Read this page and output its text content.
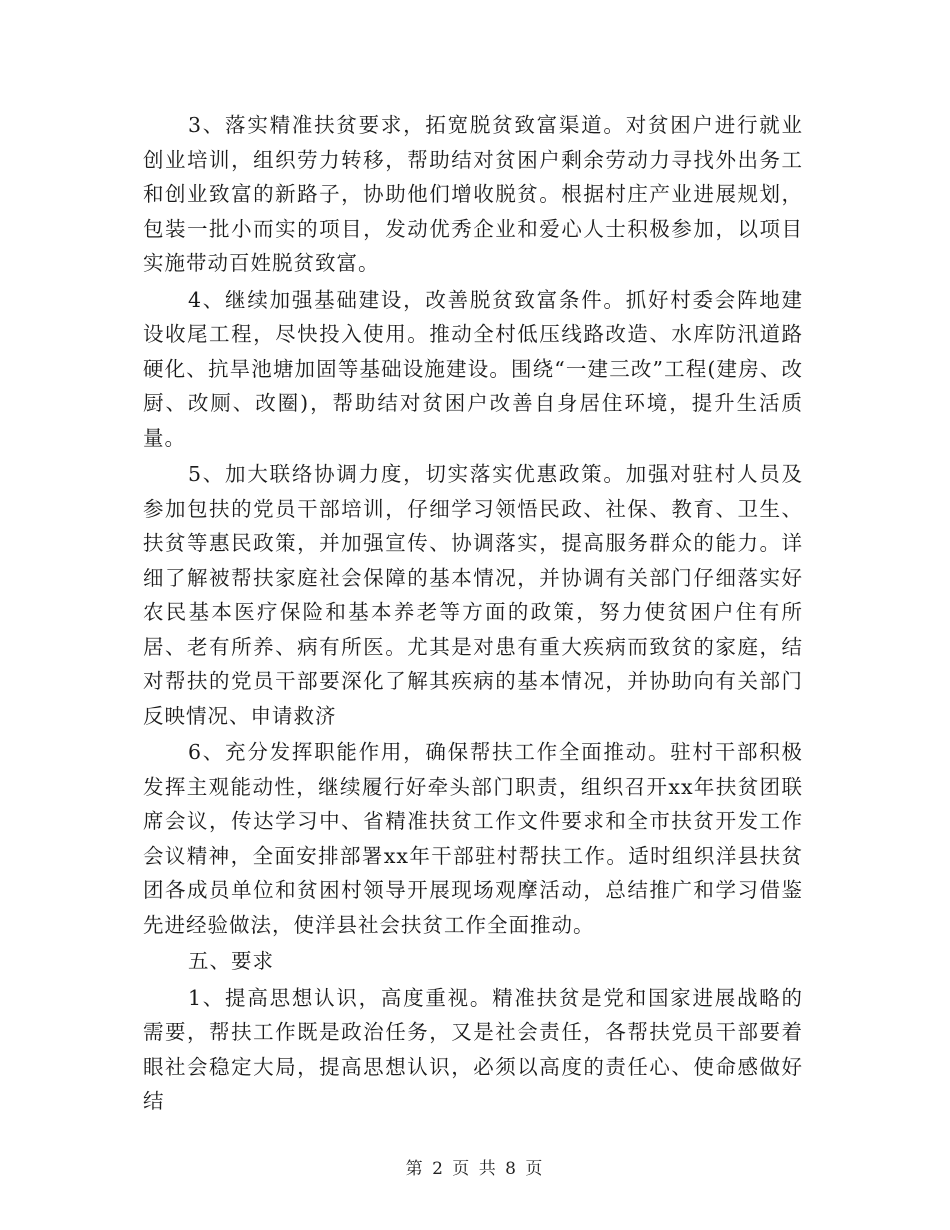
3、落实精准扶贫要求，拓宽脱贫致富渠道。对贫困户进行就业创业培训，组织劳力转移，帮助结对贫困户剩余劳动力寻找外出务工和创业致富的新路子，协助他们增收脱贫。根据村庄产业进展规划，包装一批小而实的项目，发动优秀企业和爱心人士积极参加，以项目实施带动百姓脱贫致富。

4、继续加强基础建设，改善脱贫致富条件。抓好村委会阵地建设收尾工程，尽快投入使用。推动全村低压线路改造、水库防汛道路硬化、抗旱池塘加固等基础设施建设。围绕“一建三改”工程(建房、改厨、改厕、改圈)，帮助结对贫困户改善自身居住环境，提升生活质量。

5、加大联络协调力度，切实落实优惠政策。加强对驻村人员及参加包扶的党员干部培训，仔细学习领悟民政、社保、教育、卫生、扶贫等惠民政策，并加强宣传、协调落实，提高服务群众的能力。详细了解被帮扶家庭社会保障的基本情况，并协调有关部门仔细落实好农民基本医疗保险和基本养老等方面的政策，努力使贫困户住有所居、老有所养、病有所医。尤其是对患有重大疾病而致贫的家庭，结对帮扶的党员干部要深化了解其疾病的基本情况，并协助向有关部门反映情况、申请救济

6、充分发挥职能作用，确保帮扶工作全面推动。驻村干部积极发挥主观能动性，继续履行好牵头部门职责，组织召开xx年扶贫团联席会议，传达学习中、省精准扶贫工作文件要求和全市扶贫开发工作会议精神，全面安排部署xx年干部驻村帮扶工作。适时组织洋县扶贫团各成员单位和贫困村领导开展现场观摩活动，总结推广和学习借鉴先进经验做法，使洋县社会扶贫工作全面推动。

五、要求

1、提高思想认识，高度重视。精准扶贫是党和国家进展战略的需要，帮扶工作既是政治任务，又是社会责任，各帮扶党员干部要着眼社会稳定大局，提高思想认识，必须以高度的责任心、使命感做好结

第 2 页 共 8 页
